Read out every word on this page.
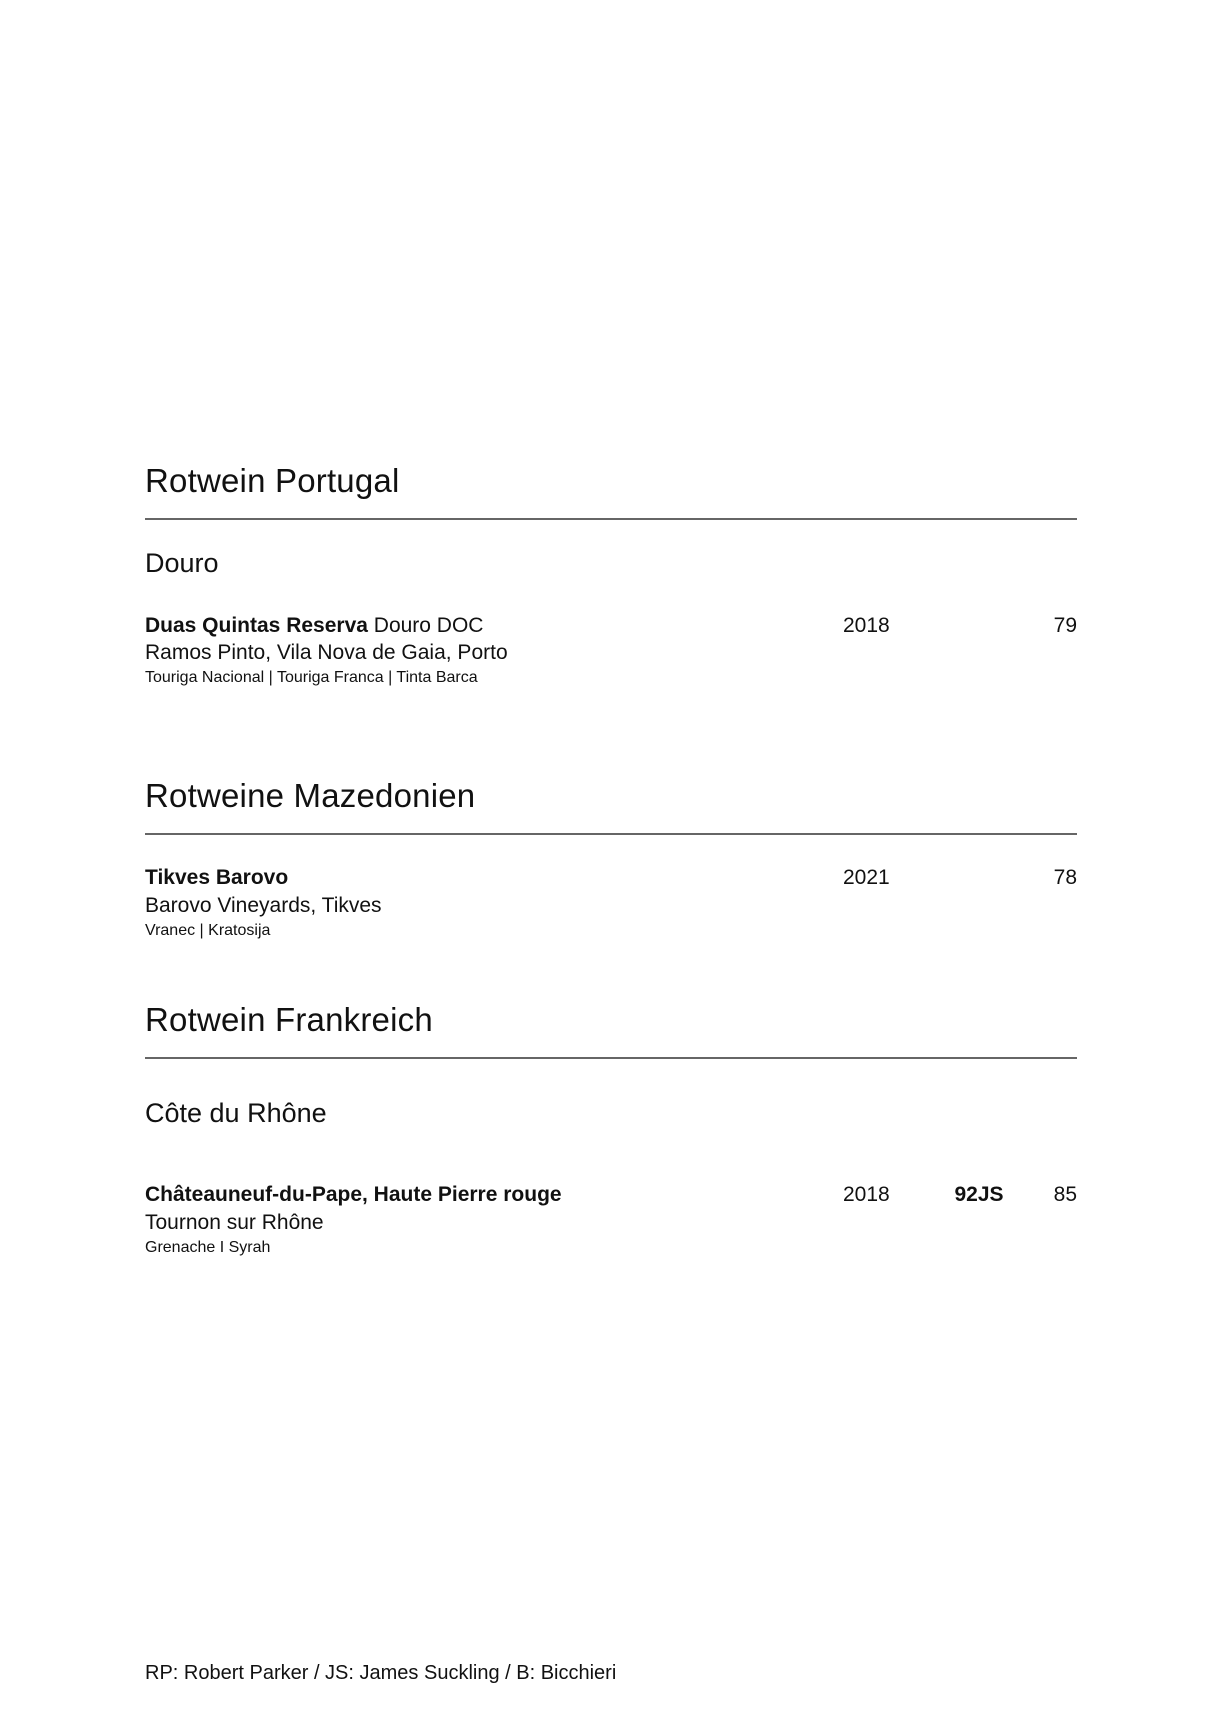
Rotwein Portugal
Douro
Duas Quintas Reserva Douro DOC	2018	79
Ramos Pinto, Vila Nova de Gaia, Porto
Touriga Nacional | Touriga Franca | Tinta Barca
Rotweine Mazedonien
Tikves Barovo	2021	78
Barovo Vineyards, Tikves
Vranec | Kratosija
Rotwein Frankreich
Côte du Rhône
Châteauneuf-du-Pape, Haute Pierre rouge	2018	92JS	85
Tournon sur Rhône
Grenache I Syrah
RP: Robert Parker / JS: James Suckling / B: Bicchieri
